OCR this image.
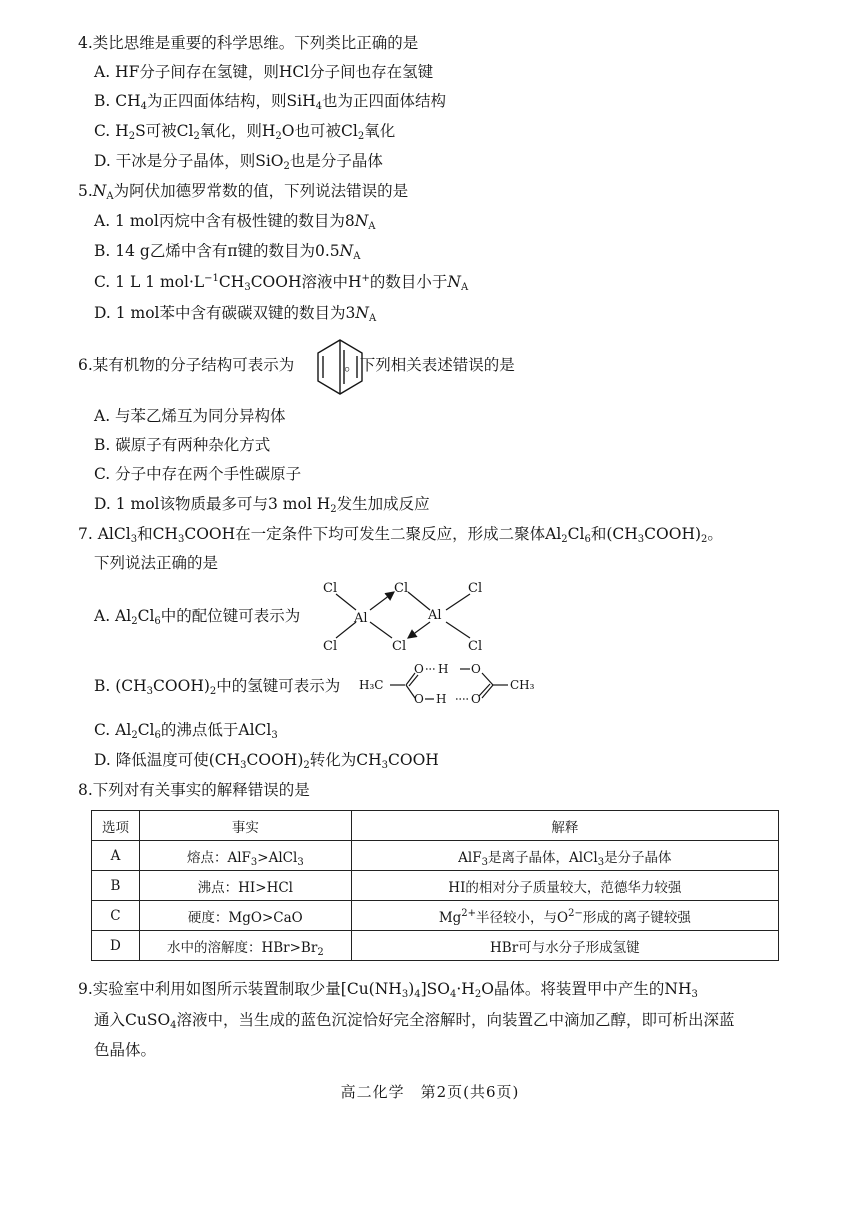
4.类比思维是重要的科学思维。下列类比正确的是
A. HF分子间存在氢键，则HCl分子间也存在氢键
B. $CH_4$为正四面体结构，则SiH$_4$也为正四面体结构
C. $H_2S$可被$Cl_2$氧化，则$H_2O$也可被$Cl_2$氧化
D. 干冰是分子晶体，则SiO$_2$也是分子晶体
$5.N_A$为阿伏加德罗常数的值，下列说法错误的是
A. 1 mol丙烷中含有极性键的数目为$8N_A$
B. 14 g乙烯中含有π键的数目为$0.5N_A$
C. 1 L 1 $mol\cdot L^{-1}CH_3COOH$溶液中H+的数目小于$N_A$
D. 1 mol苯中含有碳碳双键的数目为$3N_A$
6.某有机物的分子结构可表示为	。下列相关表述错误的是
A. 与苯乙烯互为同分异构体
B. 碳原子有两种杂化方式
C. 分子中存在两个手性碳原子
D. 1 mol该物质最多可与3 mol $H_2$发生加成反应
7. AlCl$_3$和$CH_3COOH$在一定条件下均可发生二聚反应，形成二聚体$Al_2Cl_6$和$(CH_3COOH)_2$。
下列说法正确的是
A. $Al_2Cl_6$中的配位键可表示为
Cl
Cl
Al
Cl
Cl
Al
Cl
Cl
B. $(CH_3COOH)_2$中的氢键可表示为 H₃C
O H O
O H O
CH₃
C. $Al_2Cl_6$的沸点低于AlCl$_3$
D. 降低温度可使$(CH_3COOH)_2$转化为$CH_3COOH$
8.下列对有关事实的解释错误的是
选项	事实	解释
A	熔点：AlF$_3$>AlCl$_3$	AlF$_3$是离子晶体，AlCl$_3$是分子晶体
B	沸点：HI>HCl	HI的相对分子质量较大，范德华力较强
C	硬度：MgO>CaO	$Mg^{2+}$半径较小，与$O^{2-}$形成的离子键较强
D	水中的溶解度：$HBr>Br_2$	HBr可与水分子形成氢键
9.实验室中利用如图所示装置制取少量$[Cu(NH_3)_4]SO_4\cdot H_2O$晶体。将装置甲中产生的$NH_3$
通入CuSO$_4$溶液中，当生成的蓝色沉淀恰好完全溶解时，向装置乙中滴加乙醇，即可析出深蓝
色晶体。
高二化学　第2页(共6页)
